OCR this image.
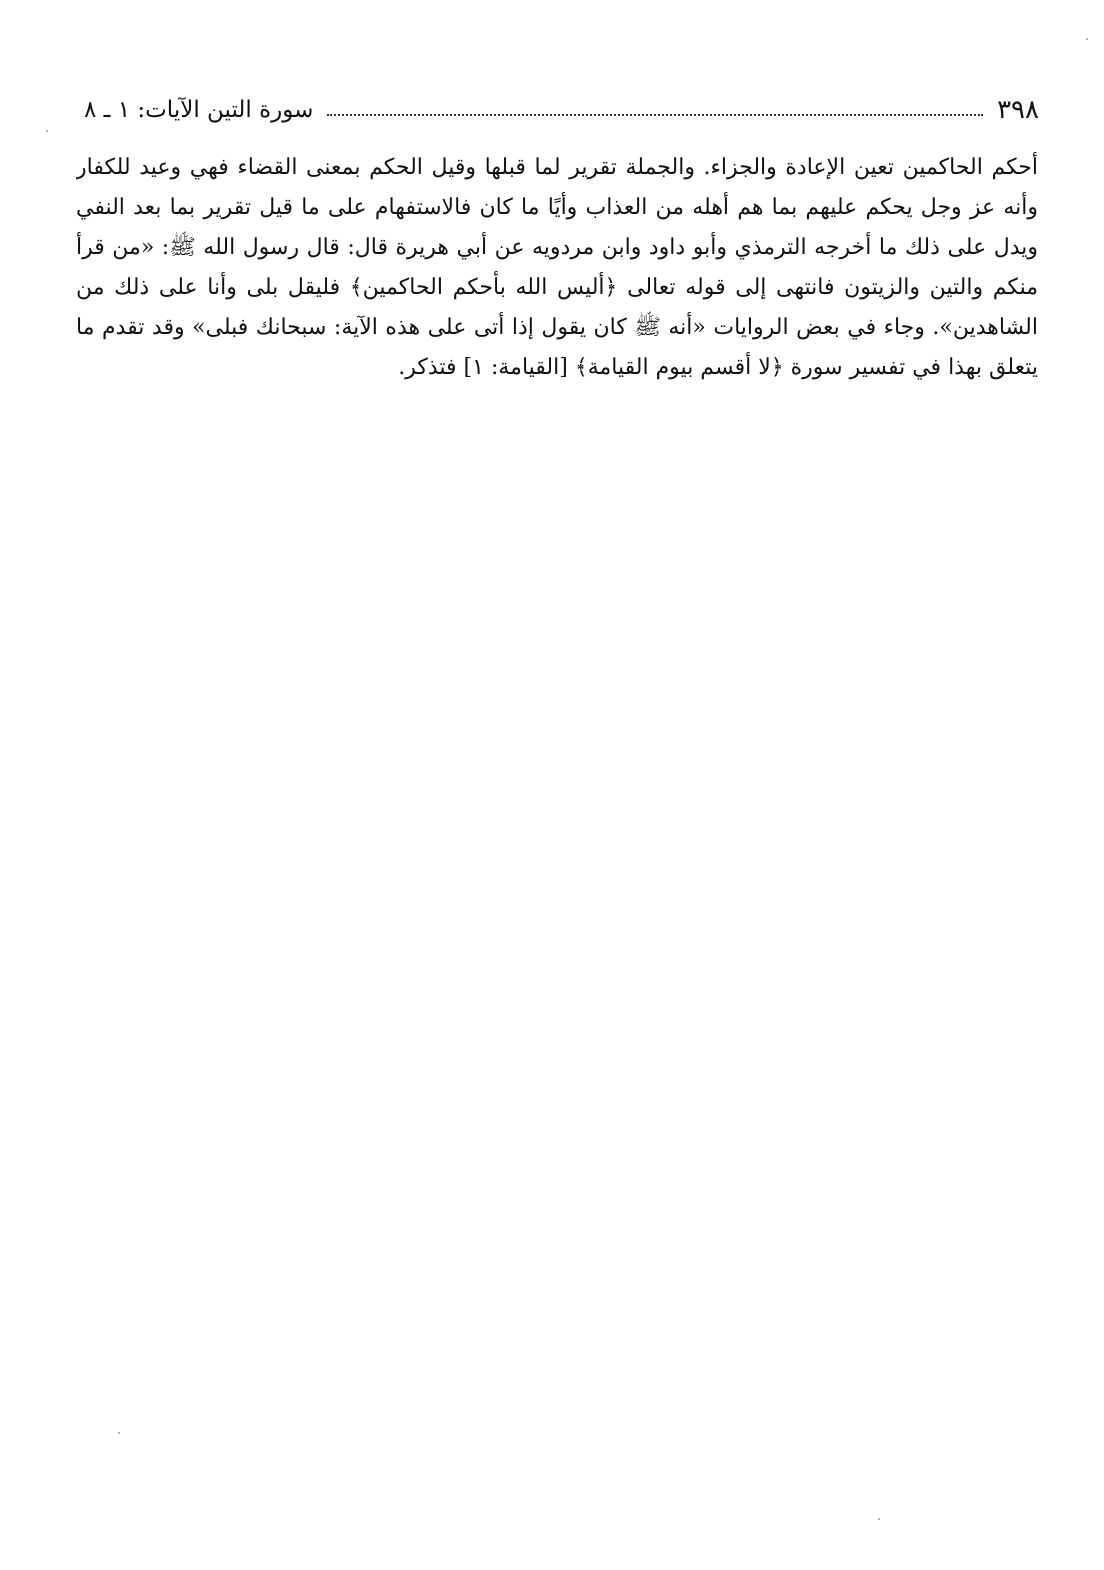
٣٩٨
سورة التين الآيات: ١ ـ ٨
أحكم الحاكمين تعين الإعادة والجزاء. والجملة تقرير لما قبلها وقيل الحكم بمعنى القضاء فهي وعيد للكفار
وأنه عز وجل يحكم عليهم بما هم أهله من العذاب وأيًا ما كان فالاستفهام على ما قيل تقرير بما بعد النفي
ويدل على ذلك ما أخرجه الترمذي وأبو داود وابن مردويه عن أبي هريرة قال: قال رسول الله ﷺ: «من قرأ
منكم والتين والزيتون فانتهى إلى قوله تعالى ﴿أليس الله بأحكم الحاكمين﴾ فليقل بلى وأنا على ذلك من
الشاهدين». وجاء في بعض الروايات «أنه ﷺ كان يقول إذا أتى على هذه الآية: سبحانك فبلى» وقد تقدم ما
يتعلق بهذا في تفسير سورة ﴿لا أقسم بيوم القيامة﴾ [القيامة: ١] فتذكر.
